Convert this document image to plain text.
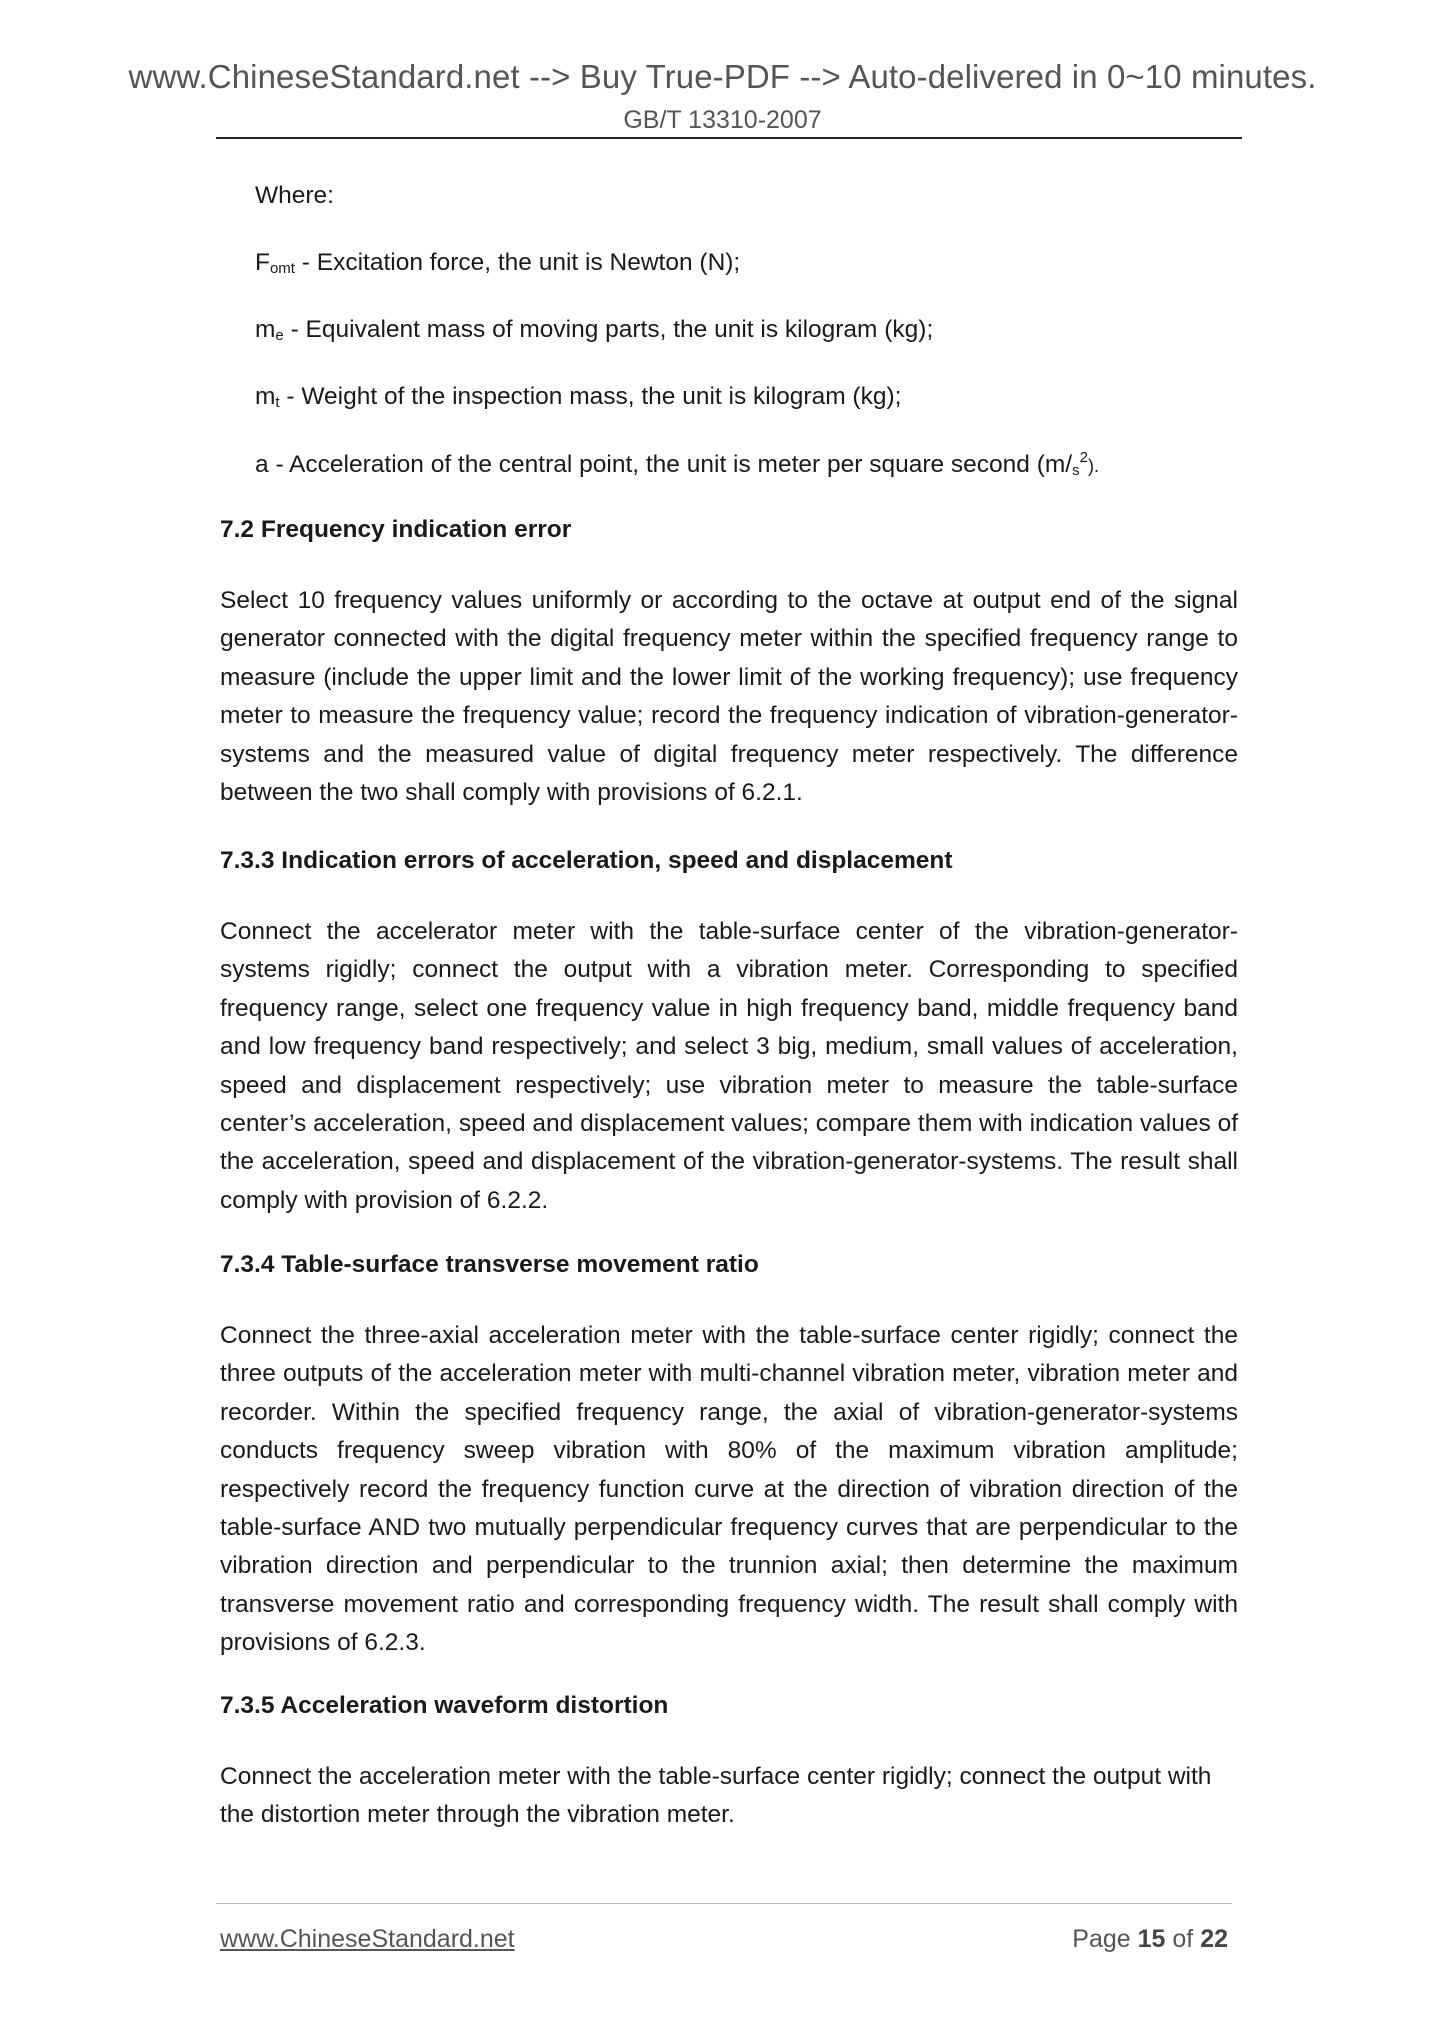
www.ChineseStandard.net --> Buy True-PDF --> Auto-delivered in 0~10 minutes.
GB/T 13310-2007
Where:
Fomt - Excitation force, the unit is Newton (N);
me - Equivalent mass of moving parts, the unit is kilogram (kg);
mt - Weight of the inspection mass, the unit is kilogram (kg);
a - Acceleration of the central point, the unit is meter per square second $(m/s^2)$.
7.2 Frequency indication error

Select 10 frequency values uniformly or according to the octave at output end of the signal generator connected with the digital frequency meter within the specified frequency range to measure (include the upper limit and the lower limit of the working frequency); use frequency meter to measure the frequency value; record the frequency indication of vibration-generator-systems and the measured value of digital frequency meter respectively. The difference between the two shall comply with provisions of 6.2.1.

7.3.3 Indication errors of acceleration, speed and displacement

Connect the accelerator meter with the table-surface center of the vibration-generator-systems rigidly; connect the output with a vibration meter. Corresponding to specified frequency range, select one frequency value in high frequency band, middle frequency band and low frequency band respectively; and select 3 big, medium, small values of acceleration, speed and displacement respectively; use vibration meter to measure the table-surface center’s acceleration, speed and displacement values; compare them with indication values of the acceleration, speed and displacement of the vibration-generator-systems. The result shall comply with provision of 6.2.2.

7.3.4 Table-surface transverse movement ratio

Connect the three-axial acceleration meter with the table-surface center rigidly; connect the three outputs of the acceleration meter with multi-channel vibration meter, vibration meter and recorder. Within the specified frequency range, the axial of vibration-generator-systems conducts frequency sweep vibration with 80% of the maximum vibration amplitude; respectively record the frequency function curve at the direction of vibration direction of the table-surface AND two mutually perpendicular frequency curves that are perpendicular to the vibration direction and perpendicular to the trunnion axial; then determine the maximum transverse movement ratio and corresponding frequency width. The result shall comply with provisions of 6.2.3.

7.3.5 Acceleration waveform distortion

Connect the acceleration meter with the table-surface center rigidly; connect the output with the distortion meter through the vibration meter.

www.ChineseStandard.net	Page 15 of 22
